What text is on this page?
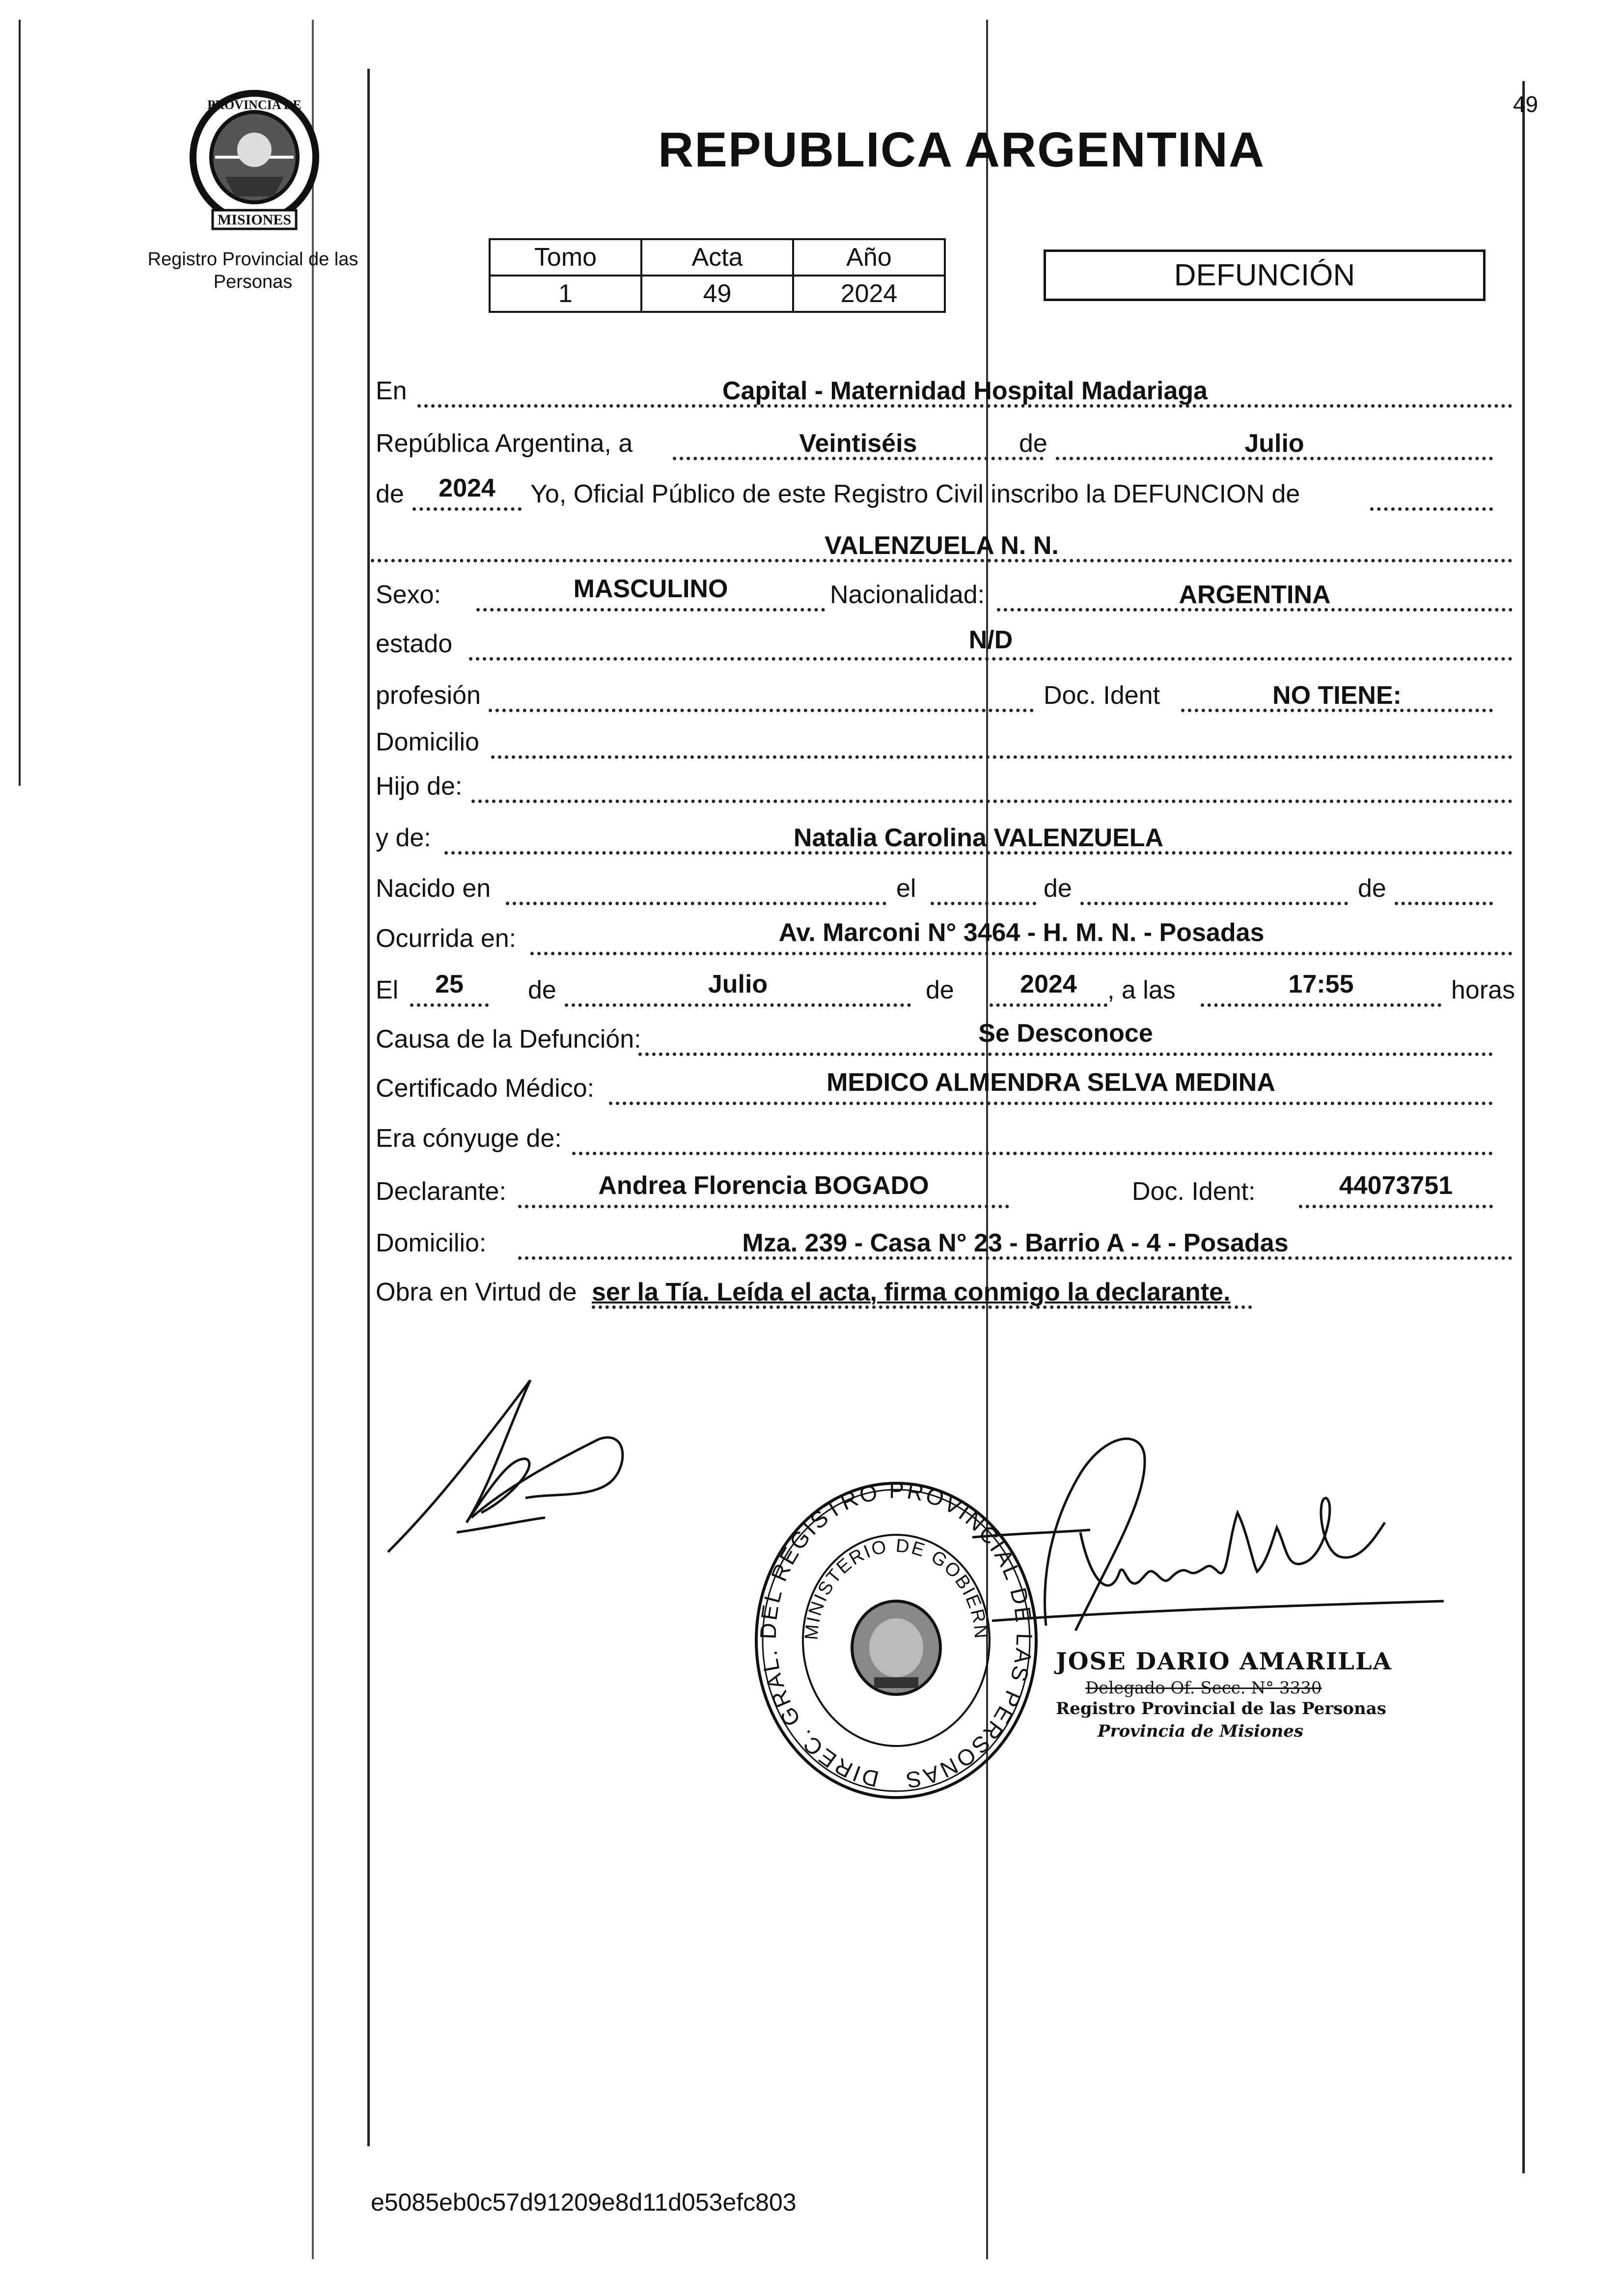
49
PROVINCIA DE
MISIONES
Registro Provincial de las Personas
REPUBLICA ARGENTINA
Tomo	Acta	Año
1	49	2024
DEFUNCIÓN
En	Capital - Maternidad Hospital Madariaga
República Argentina, a	Veintiséis	de	Julio
de	2024	Yo, Oficial Público de este Registro Civil inscribo la DEFUNCION de
VALENZUELA N. N.
Sexo:	MASCULINO	Nacionalidad:	ARGENTINA
estado	N/D
profesión	Doc. Ident	NO TIENE:
Domicilio
Hijo de:
y de:	Natalia Carolina VALENZUELA
Nacido en	el	de	de
Ocurrida en:	Av. Marconi N° 3464 - H. M. N. - Posadas
El	25	de	Julio	de	2024	, a las	17:55	horas
Causa de la Defunción:	Se Desconoce
Certificado Médico:	MEDICO ALMENDRA SELVA MEDINA
Era cónyuge de:
Declarante:	Andrea Florencia BOGADO	Doc. Ident:	44073751
Domicilio:	Mza. 239 - Casa N° 23 - Barrio A - 4 - Posadas
Obra en Virtud de ser la Tía. Leída el acta, firma conmigo la declarante.
DIREC. GRAL. DEL REGISTRO PROVINCIAL DE LAS PERSONAS
MINISTERIO DE GOBIERN
JOSE DARIO AMARILLA
Delegado Of. Secc. N° 3330
Registro Provincial de las Personas
Provincia de Misiones
e5085eb0c57d91209e8d11d053efc803
